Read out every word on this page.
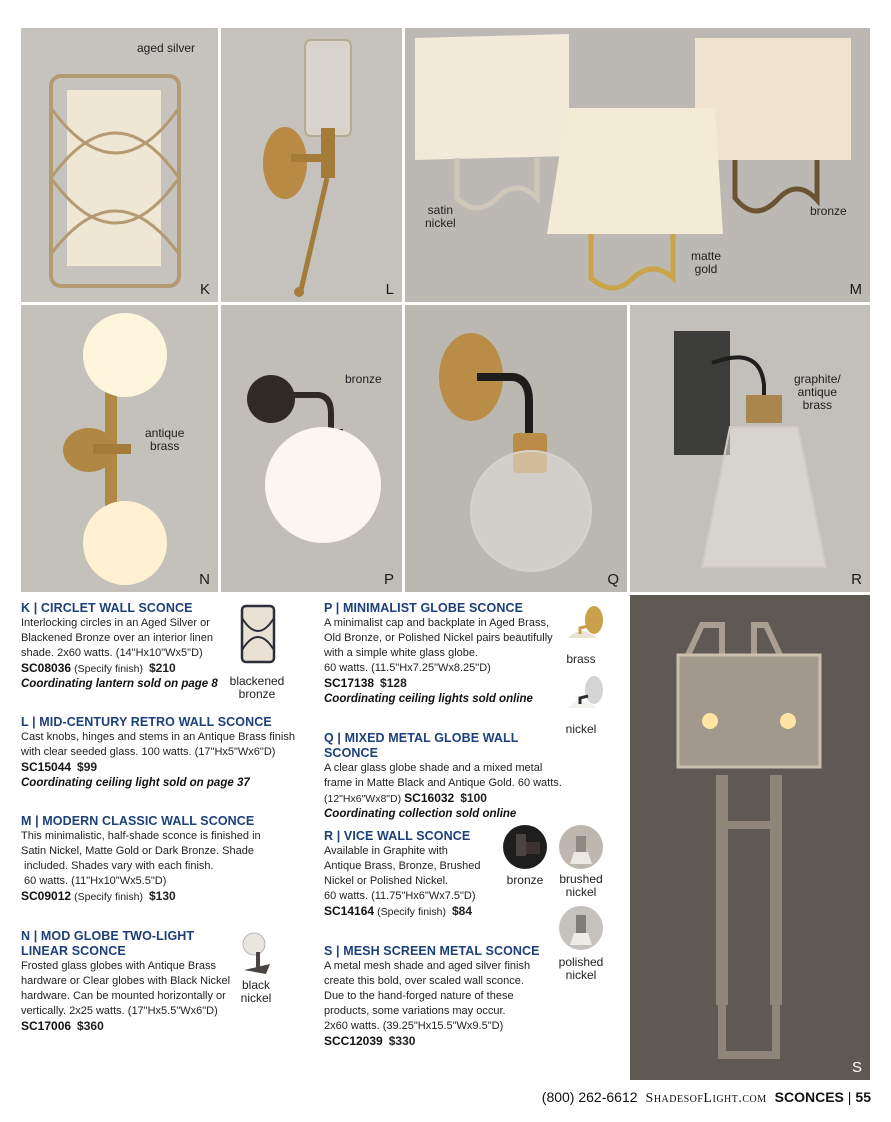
aged silver
K	L
satin
nickel
matte
gold
bronze
M
antique
brass
N
bronze
P	Q
graphite/
antique
brass
R
S
K | CIRCLET WALL SCONCE
Interlocking circles in an Aged Silver or
Blackened Bronze over an interior linen
shade. 2x60 watts. (14"Hx10"Wx5"D)
SC08036 (Specify finish) $210
Coordinating lantern sold on page 8 blackened
bronze
L | MID-CENTURY RETRO WALL SCONCE
Cast knobs, hinges and stems in an Antique Brass finish
with clear seeded glass. 100 watts. (17"Hx5"Wx6"D)
SC15044 $99
Coordinating ceiling light sold on page 37
M | MODERN CLASSIC WALL SCONCE
This minimalistic, half-shade sconce is finished in
Satin Nickel, Matte Gold or Dark Bronze. Shade
included. Shades vary with each finish.
60 watts. (11"Hx10"Wx5.5"D)
SC09012 (Specify finish) $130
N | MOD GLOBE TWO-LIGHT
LINEAR SCONCE
Frosted glass globes with Antique Brass
hardware or Clear globes with Black Nickel
hardware. Can be mounted horizontally or
vertically. 2x25 watts. (17"Hx5.5"Wx6"D)
SC17006 $360
black
nickel
P | MINIMALIST GLOBE SCONCE
A minimalist cap and backplate in Aged Brass,
Old Bronze, or Polished Nickel pairs beautifully
with a simple white glass globe.
60 watts. (11.5"Hx7.25"Wx8.25"D)
SC17138 $128
Coordinating ceiling lights sold online
brass
nickel
Q | MIXED METAL GLOBE WALL SCONCE
A clear glass globe shade and a mixed metal
frame in Matte Black and Antique Gold. 60 watts.
(12"Hx6"Wx8"D) SC16032 $100
Coordinating collection sold online
R | VICE WALL SCONCE
Available in Graphite with
Antique Brass, Bronze, Brushed
Nickel or Polished Nickel.
60 watts. (11.75"Hx6"Wx7.5"D)
SC14164 (Specify finish) $84
bronze	brushed
nickel
polished
nickel
S | MESH SCREEN METAL SCONCE
A metal mesh shade and aged silver finish
create this bold, over scaled wall sconce.
Due to the hand-forged nature of these
products, some variations may occur.
2x60 watts. (39.25"Hx15.5"Wx9.5"D)
SCC12039 $330
(800) 262-6612 ShadesofLight.com SCONCES | 55
